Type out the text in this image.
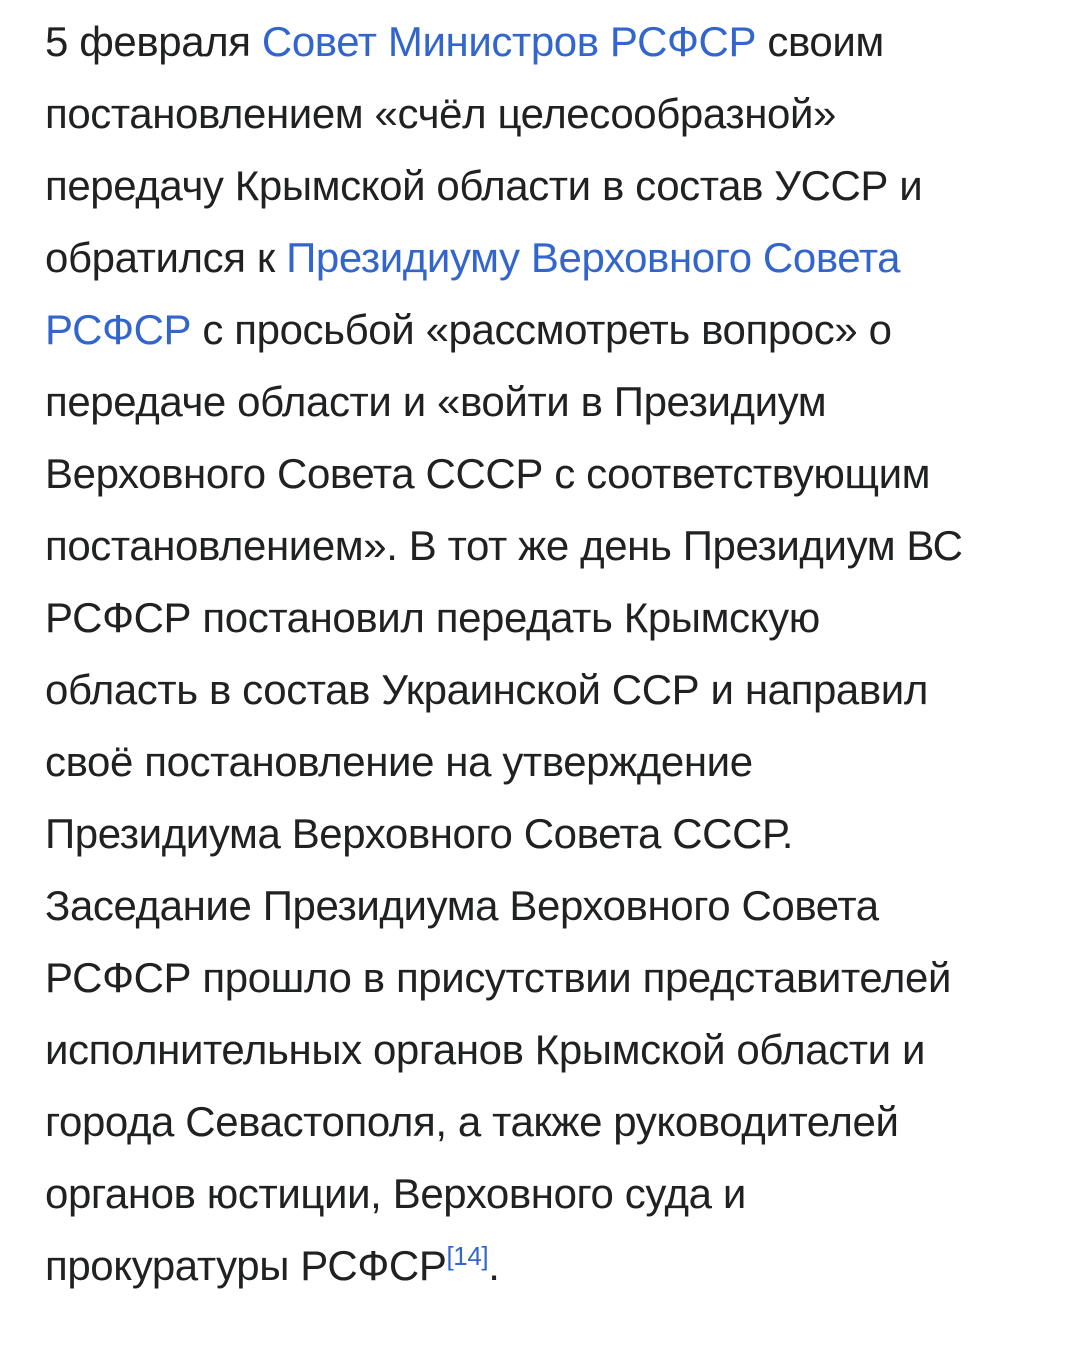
5 февраля Совет Министров РСФСР своим
постановлением «счёл целесообразной»
передачу Крымской области в состав УССР и
обратился к Президиуму Верховного Совета
РСФСР с просьбой «рассмотреть вопрос» о
передаче области и «войти в Президиум
Верховного Совета СССР с соответствующим
постановлением». В тот же день Президиум ВС
РСФСР постановил передать Крымскую
область в состав Украинской ССР и направил
своё постановление на утверждение
Президиума Верховного Совета СССР.
Заседание Президиума Верховного Совета
РСФСР прошло в присутствии представителей
исполнительных органов Крымской области и
города Севастополя, а также руководителей
органов юстиции, Верховного суда и
прокуратуры РСФСР[14].
